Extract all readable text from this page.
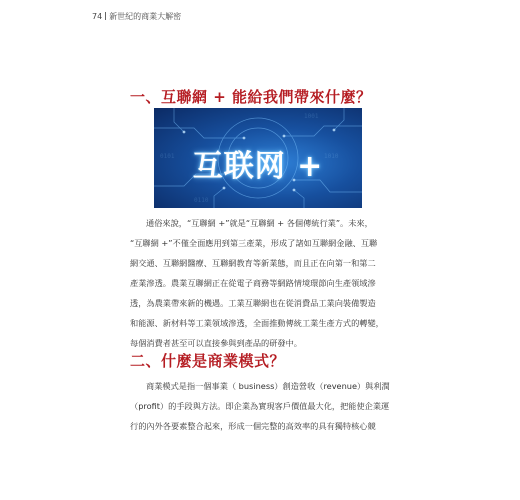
74 新世紀的商業大解密
一、互聯網 + 能給我們帶來什麼？
0101	1010
0110
1001
互联网 +
通俗來說，“互聯網 +”就是“互聯網 + 各個傳統行業”。未來，
“互聯網 +”不僅全面應用到第三產業，形成了諸如互聯網金融、互聯
網交通、互聯網醫療、互聯網教育等新業態，而且正在向第一和第二
產業滲透。農業互聯網正在從電子商務等網路情境環節向生產領域滲
透，為農業帶來新的機遇。工業互聯網也在從消費品工業向裝備製造
和能源、新材料等工業領域滲透，全面推動傳統工業生產方式的轉變，
每個消費者甚至可以直接參與到產品的研發中。
二、什麼是商業模式？
商業模式是指一個事業（ business）創造營收（revenue）與利潤
（profit）的手段與方法。即企業為實現客戶價值最大化，把能使企業運
行的內外各要素整合起來，形成一個完整的高效率的具有獨特核心競
